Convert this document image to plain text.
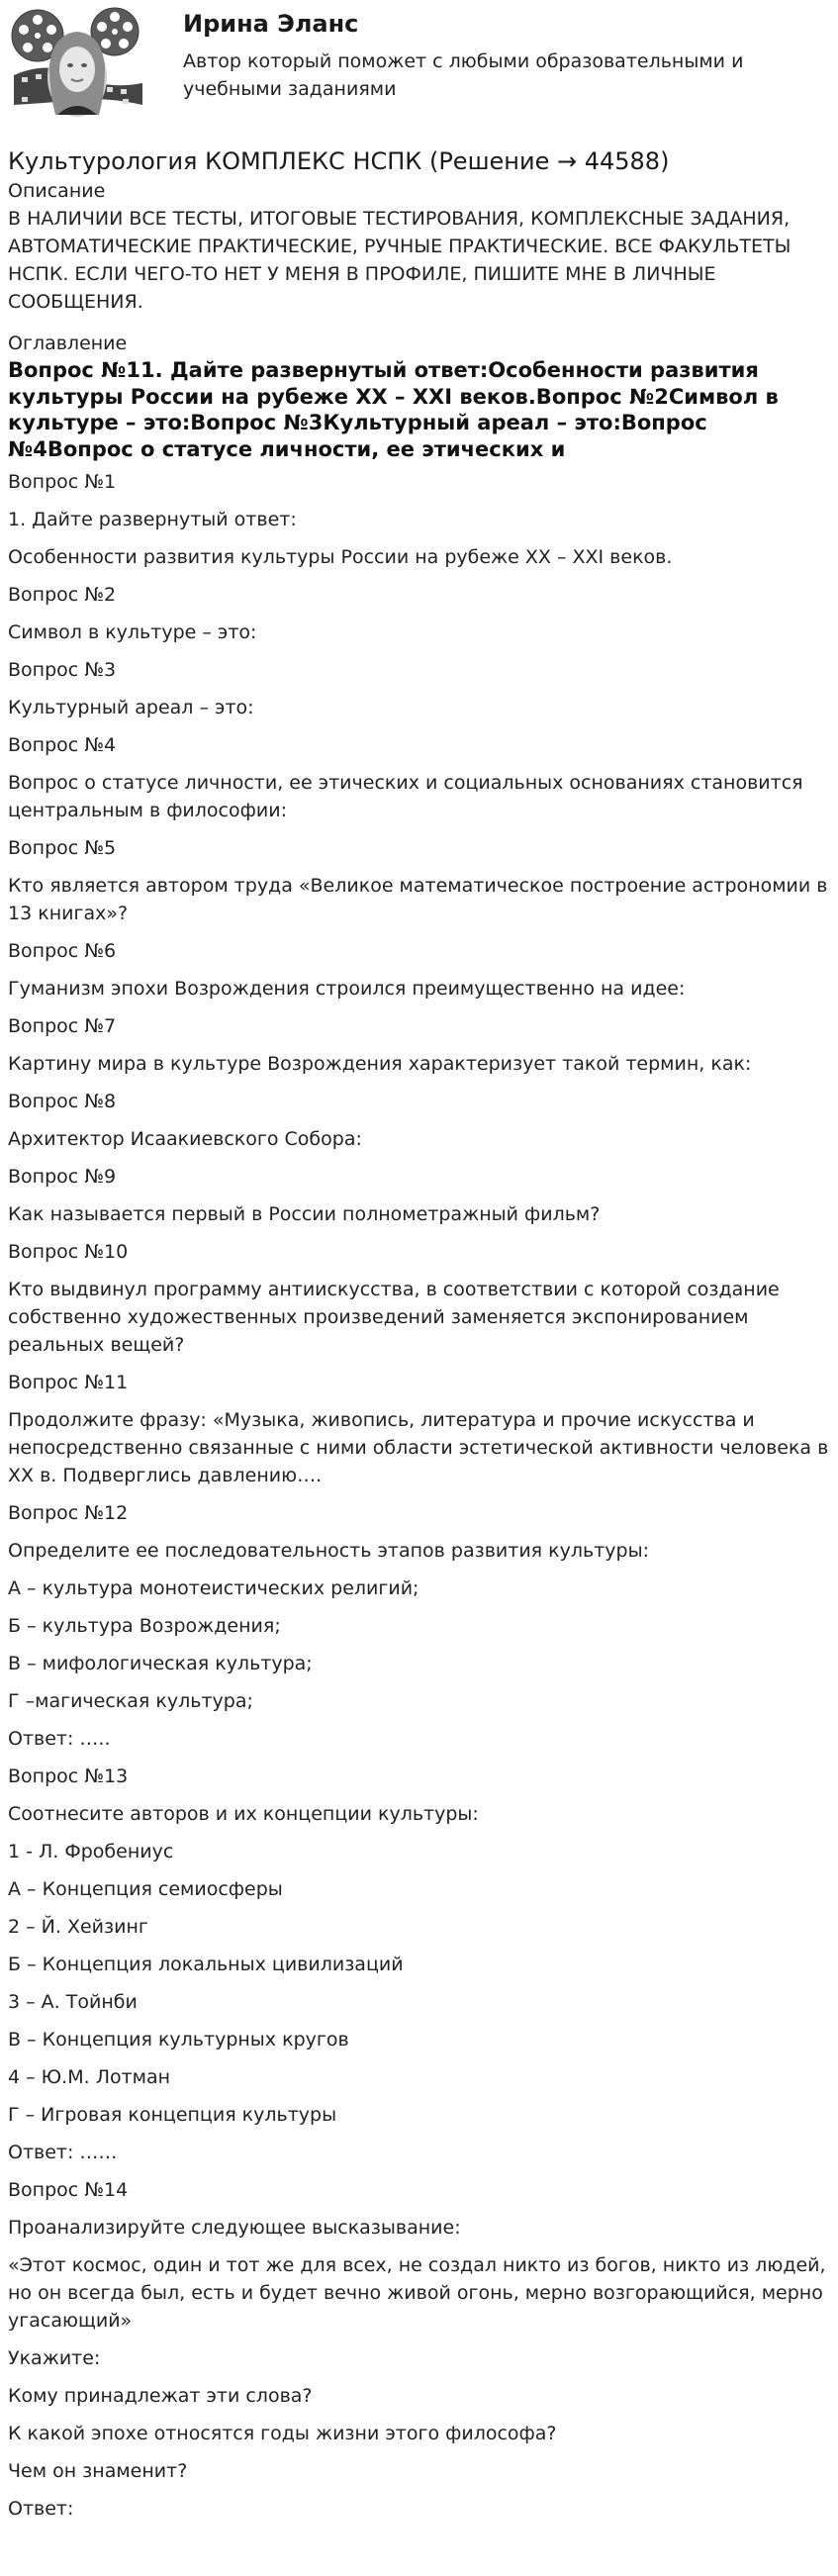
Ирина Эланс
Автор который поможет с любыми образовательными и учебными заданиями
Культурология КОМПЛЕКС НСПК (Решение → 44588)
Описание
В НАЛИЧИИ ВСЕ ТЕСТЫ, ИТОГОВЫЕ ТЕСТИРОВАНИЯ, КОМПЛЕКСНЫЕ ЗАДАНИЯ, АВТОМАТИЧЕСКИЕ ПРАКТИЧЕСКИЕ, РУЧНЫЕ ПРАКТИЧЕСКИЕ. ВСЕ ФАКУЛЬТЕТЫ НСПК. ЕСЛИ ЧЕГО-ТО НЕТ У МЕНЯ В ПРОФИЛЕ, ПИШИТЕ МНЕ В ЛИЧНЫЕ СООБЩЕНИЯ.
Оглавление
Вопрос №11. Дайте развернутый ответ:Особенности развития культуры России на рубеже XX – XXI веков.Вопрос №2Символ в культуре – это:Вопрос №3Культурный ареал – это:Вопрос №4Вопрос о статусе личности, ее этических и

Вопрос №1

1. Дайте развернутый ответ:

Особенности развития культуры России на рубеже XX – XXI веков.

Вопрос №2

Символ в культуре – это:

Вопрос №3

Культурный ареал – это:

Вопрос №4

Вопрос о статусе личности, ее этических и социальных основаниях становится центральным в философии:

Вопрос №5

Кто является автором труда «Великое математическое построение астрономии в 13 книгах»?

Вопрос №6

Гуманизм эпохи Возрождения строился преимущественно на идее:

Вопрос №7

Картину мира в культуре Возрождения характеризует такой термин, как:

Вопрос №8

Архитектор Исаакиевского Собора:

Вопрос №9

Как называется первый в России полнометражный фильм?

Вопрос №10

Кто выдвинул программу антиискусства, в соответствии с которой создание собственно художественных произведений заменяется экспонированием реальных вещей?

Вопрос №11

Продолжите фразу: «Музыка, живопись, литература и прочие искусства и непосредственно связанные с ними области эстетической активности человека в XX в. Подверглись давлению….

Вопрос №12

Определите ее последовательность этапов развития культуры:

А – культура монотеистических религий;

Б – культура Возрождения;

В – мифологическая культура;

Г –магическая культура;

Ответ: …..

Вопрос №13

Соотнесите авторов и их концепции культуры:

1 - Л. Фробениус

А – Концепция семиосферы

2 – Й. Хейзинг

Б – Концепция локальных цивилизаций

3 – А. Тойнби

В – Концепция культурных кругов

4 – Ю.М. Лотман

Г – Игровая концепция культуры

Ответ: ……

Вопрос №14

Проанализируйте следующее высказывание:

«Этот космос, один и тот же для всех, не создал никто из богов, никто из людей, но он всегда был, есть и будет вечно живой огонь, мерно возгорающийся, мерно угасающий»

Укажите:

Кому принадлежат эти слова?

К какой эпохе относятся годы жизни этого философа?

Чем он знаменит?

Ответ:
